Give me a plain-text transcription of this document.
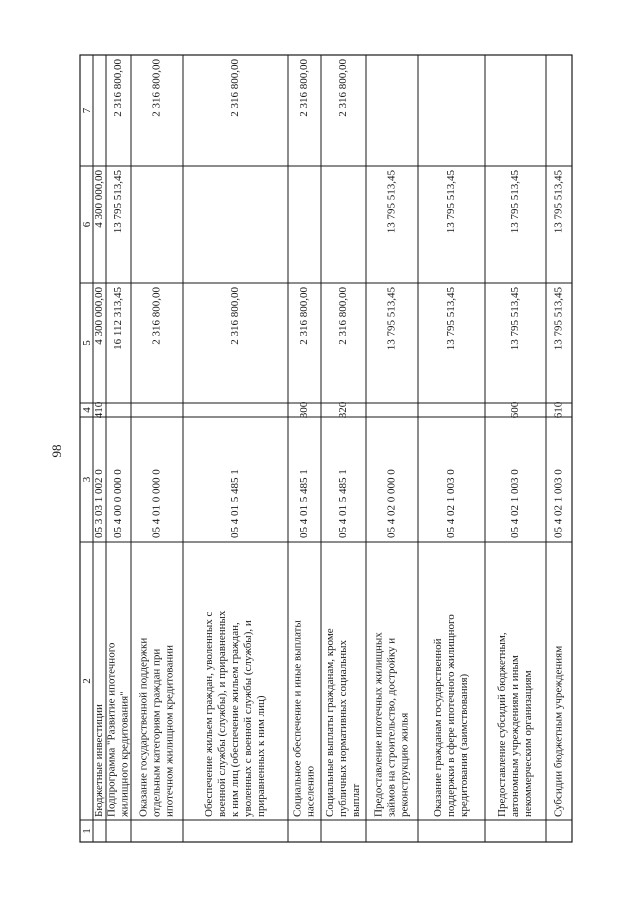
98
1
2
3
4
5
6
7
Бюджетные инвестиции
05 3 03 1 002 0
410
4 300 000,00
4 300 000,00
Подпрограмма "Развитие ипотечного жилищного кредитования"
05 4 00 0 000 0
16 112 313,45
13 795 513,45
2 316 800,00
Оказание государственной поддержки отдельным категориям граждан при ипотечном жилищном кредитовании
05 4 01 0 000 0
2 316 800,00
2 316 800,00
Обеспечение жильем граждан, уволенных с военной службы (службы), и приравненных к ним лиц (обеспечение жильем граждан, уволенных с военной службы (службы), и приравненных к ним лиц)
05 4 01 5 485 1
2 316 800,00
2 316 800,00
Социальное обеспечение и иные выплаты населению
05 4 01 5 485 1
300
2 316 800,00
2 316 800,00
Социальные выплаты гражданам, кроме публичных нормативных социальных выплат
05 4 01 5 485 1
320
2 316 800,00
2 316 800,00
Предоставление ипотечных жилищных займов на строительство, достройку и реконструкцию жилья
05 4 02 0 000 0
13 795 513,45
13 795 513,45
Оказание гражданам государственной поддержки в сфере ипотечного жилищного кредитования (заимствования)
05 4 02 1 003 0
13 795 513,45
13 795 513,45
Предоставление субсидий бюджетным, автономным учреждениям и иным некоммерческим организациям
05 4 02 1 003 0
600
13 795 513,45
13 795 513,45
Субсидии бюджетным учреждениям
05 4 02 1 003 0
610
13 795 513,45
13 795 513,45
